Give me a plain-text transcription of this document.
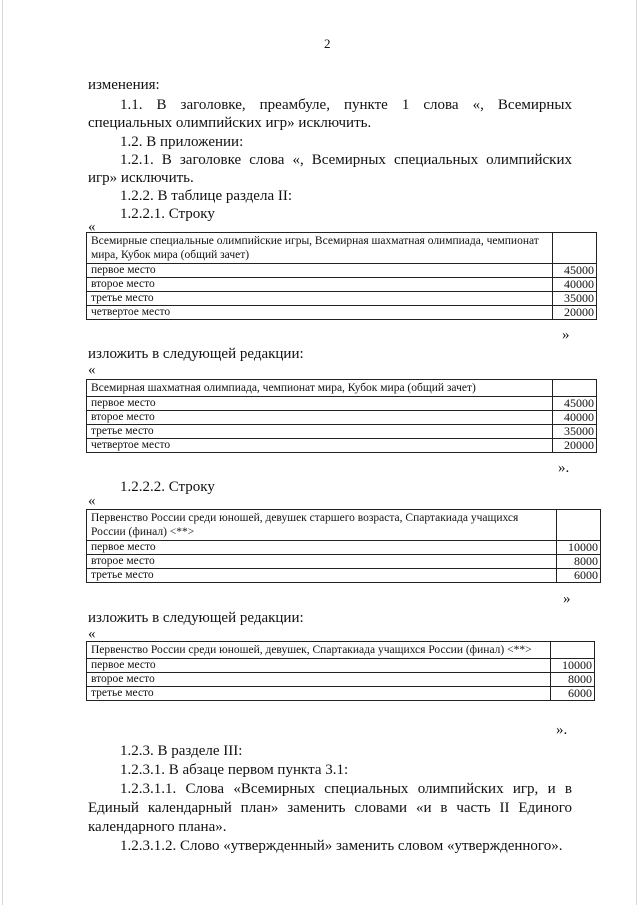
2
изменения:
1.1. В заголовке, преамбуле, пункте 1 слова «, Всемирных
специальных олимпийских игр» исключить.
1.2. В приложении:
1.2.1. В заголовке слова «, Всемирных специальных олимпийских
игр» исключить.
1.2.2. В таблице раздела II:
1.2.2.1. Строку
«
Всемирные специальные олимпийские игры, Всемирная шахматная олимпиада, чемпионат мира, Кубок мира (общий зачет)	
первое место	45000
второе место	40000
третье место	35000
четвертое место	20000
»
изложить в следующей редакции:
«
Всемирная шахматная олимпиада, чемпионат мира, Кубок мира (общий зачет)	
первое место	45000
второе место	40000
третье место	35000
четвертое место	20000
».
1.2.2.2. Строку
«
Первенство России среди юношей, девушек старшего возраста, Спартакиада учащихся России (финал) <**>	
первое место	10000
второе место	8000
третье место	6000
»
изложить в следующей редакции:
«
Первенство России среди юношей, девушек, Спартакиада учащихся России (финал) <**>	
первое место	10000
второе место	8000
третье место	6000
».
1.2.3. В разделе III:
1.2.3.1. В абзаце первом пункта 3.1:
1.2.3.1.1. Слова «Всемирных специальных олимпийских игр, и в
Единый календарный план» заменить словами «и в часть II Единого
календарного плана».
1.2.3.1.2. Слово «утвержденный» заменить словом «утвержденного».
